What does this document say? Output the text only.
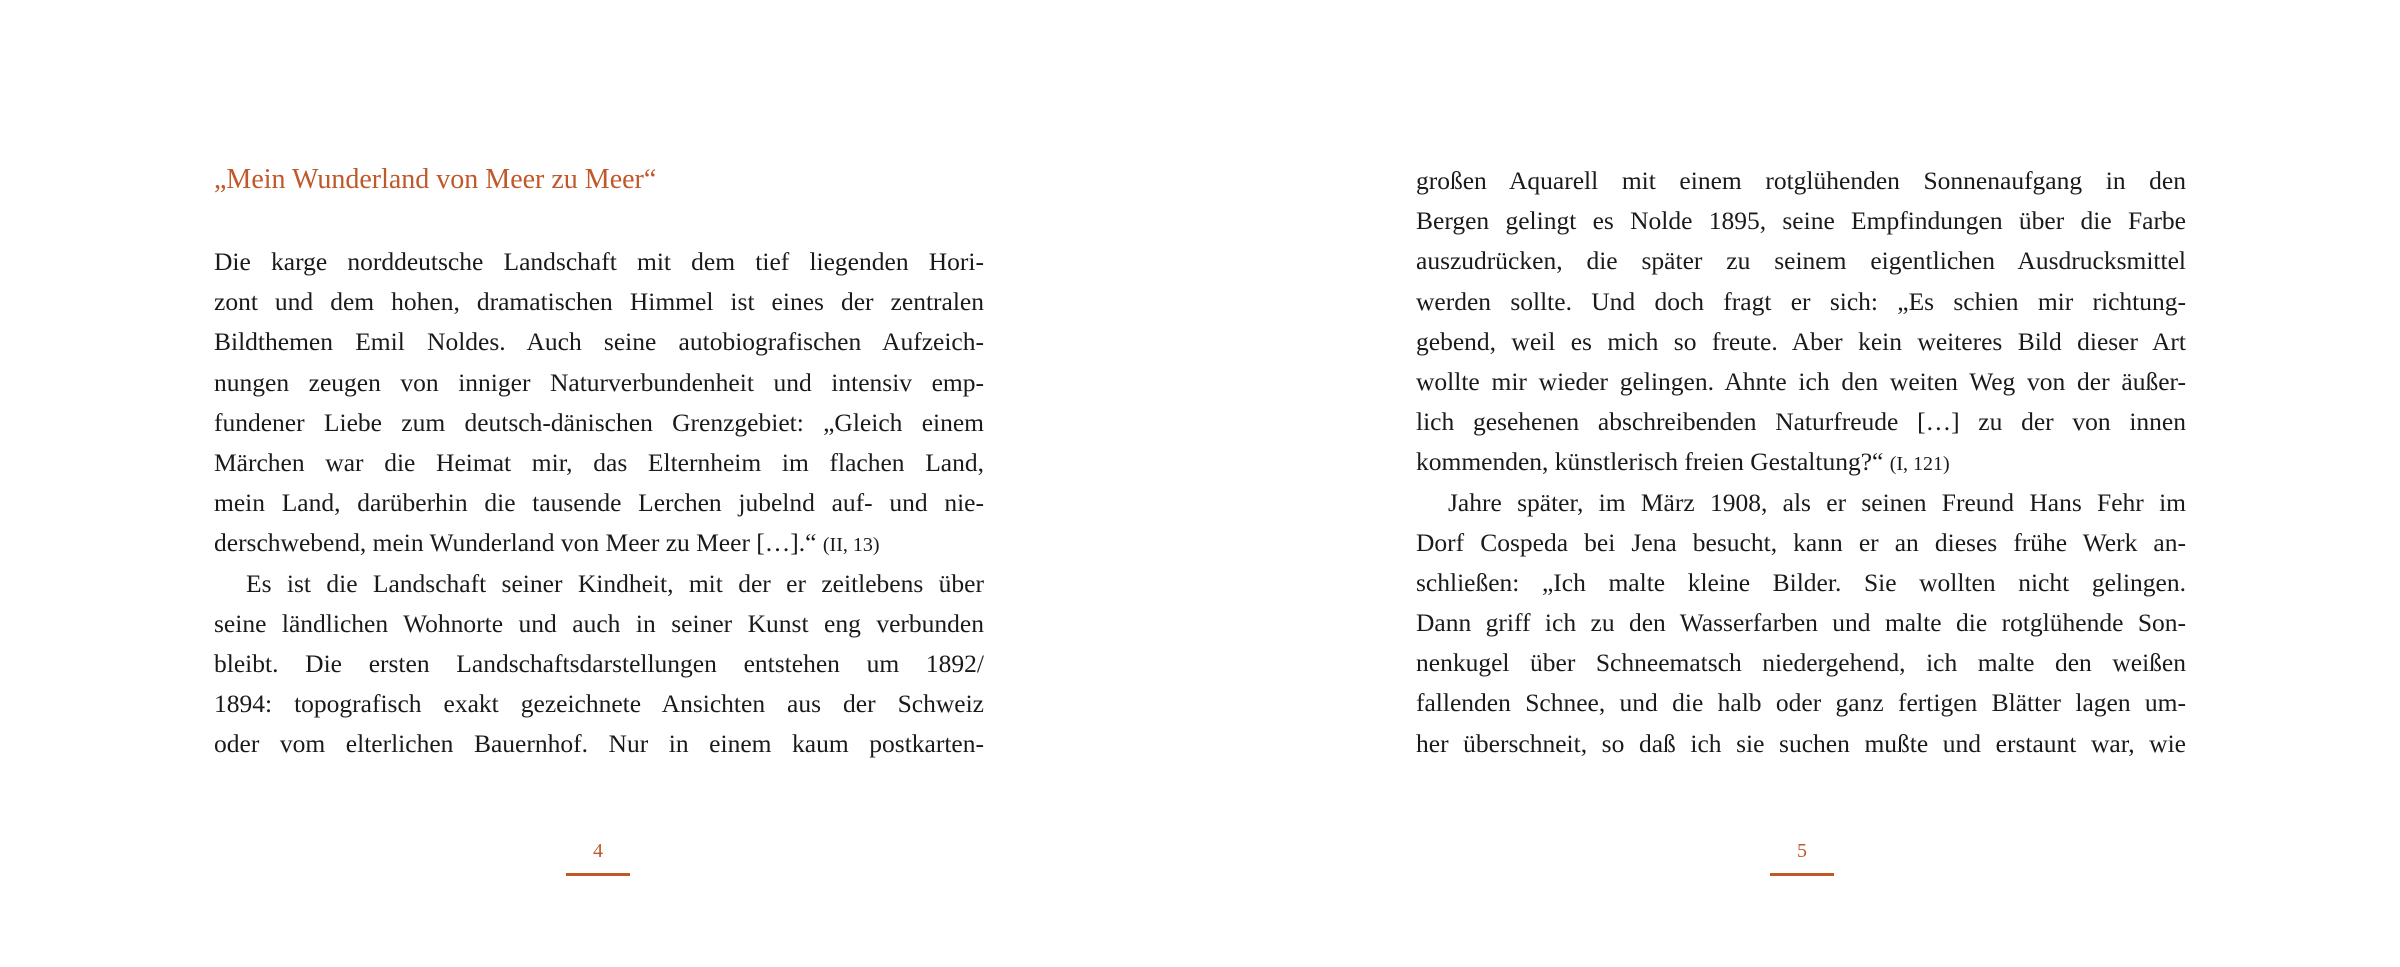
„Mein Wunderland von Meer zu Meer“
Die karge norddeutsche Landschaft mit dem tief liegenden Hori-
zont und dem hohen, dramatischen Himmel ist eines der zentralen
Bildthemen Emil Noldes. Auch seine autobiografischen Aufzeich-
nungen zeugen von inniger Naturverbundenheit und intensiv emp-
fundener Liebe zum deutsch-dänischen Grenzgebiet: „Gleich einem
Märchen war die Heimat mir, das Elternheim im flachen Land,
mein Land, darüberhin die tausende Lerchen jubelnd auf- und nie-
derschwebend, mein Wunderland von Meer zu Meer […].“ (II, 13)
Es ist die Landschaft seiner Kindheit, mit der er zeitlebens über
seine ländlichen Wohnorte und auch in seiner Kunst eng verbunden
bleibt. Die ersten Landschaftsdarstellungen entstehen um 1892/
1894: topografisch exakt gezeichnete Ansichten aus der Schweiz
oder vom elterlichen Bauernhof. Nur in einem kaum postkarten-
4
großen Aquarell mit einem rotglühenden Sonnenaufgang in den
Bergen gelingt es Nolde 1895, seine Empfindungen über die Farbe
auszudrücken, die später zu seinem eigentlichen Ausdrucksmittel
werden sollte. Und doch fragt er sich: „Es schien mir richtung-
gebend, weil es mich so freute. Aber kein weiteres Bild dieser Art
wollte mir wieder gelingen. Ahnte ich den weiten Weg von der äußer-
lich gesehenen abschreibenden Naturfreude […] zu der von innen
kommenden, künstlerisch freien Gestaltung?“ (I, 121)
Jahre später, im März 1908, als er seinen Freund Hans Fehr im
Dorf Cospeda bei Jena besucht, kann er an dieses frühe Werk an-
schließen: „Ich malte kleine Bilder. Sie wollten nicht gelingen.
Dann griff ich zu den Wasserfarben und malte die rotglühende Son-
nenkugel über Schneematsch niedergehend, ich malte den weißen
fallenden Schnee, und die halb oder ganz fertigen Blätter lagen um-
her überschneit, so daß ich sie suchen mußte und erstaunt war, wie
5
